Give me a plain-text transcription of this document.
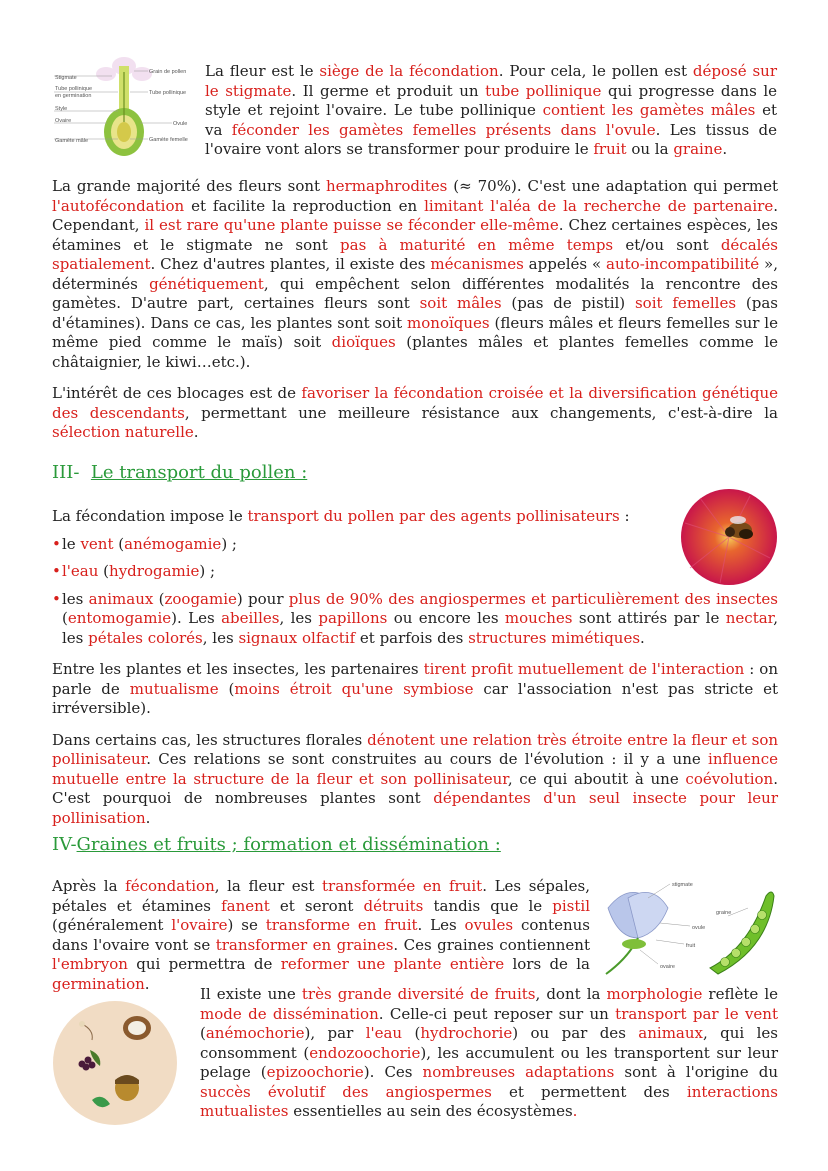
Grain de pollen
Stigmate
Tube pollinique
en germination
Style
Ovaire
Gamète mâle
Tube pollinique
Ovule
Gamète femelle

La fleur est le siège de la fécondation. Pour cela, le pollen est déposé sur le stigmate. Il germe et produit un tube pollinique qui progresse dans le style et rejoint l'ovaire. Le tube pollinique contient les gamètes mâles et va féconder les gamètes femelles présents dans l'ovule. Les tissus de l'ovaire vont alors se transformer pour produire le fruit ou la graine.

La grande majorité des fleurs sont hermaphrodites (≈ 70%). C'est une adaptation qui permet l'autofécondation et facilite la reproduction en limitant l'aléa de la recherche de partenaire. Cependant, il est rare qu'une plante puisse se féconder elle-même. Chez certaines espèces, les étamines et le stigmate ne sont pas à maturité en même temps et/ou sont décalés spatialement. Chez d'autres plantes, il existe des mécanismes appelés « auto-incompatibilité », déterminés génétiquement, qui empêchent selon différentes modalités la rencontre des gamètes. D'autre part, certaines fleurs sont soit mâles (pas de pistil) soit femelles (pas d'étamines). Dans ce cas, les plantes sont soit monoïques (fleurs mâles et fleurs femelles sur le même pied comme le maïs) soit dioïques (plantes mâles et plantes femelles comme le châtaignier, le kiwi…etc.).

L'intérêt de ces blocages est de favoriser la fécondation croisée et la diversification génétique des descendants, permettant une meilleure résistance aux changements, c'est-à-dire la sélection naturelle.

III- Le transport du pollen :

La fécondation impose le transport du pollen par des agents pollinisateurs :

• le vent (anémogamie) ;
• l'eau (hydrogamie) ;
• les animaux (zoogamie) pour plus de 90% des angiospermes et particulièrement des insectes (entomogamie). Les abeilles, les papillons ou encore les mouches sont attirés par le nectar, les pétales colorés, les signaux olfactif et parfois des structures mimétiques.

Entre les plantes et les insectes, les partenaires tirent profit mutuellement de l'interaction : on parle de mutualisme (moins étroit qu'une symbiose car l'association n'est pas stricte et irréversible).

Dans certains cas, les structures florales dénotent une relation très étroite entre la fleur et son pollinisateur. Ces relations se sont construites au cours de l'évolution : il y a une influence mutuelle entre la structure de la fleur et son pollinisateur, ce qui aboutit à une coévolution. C'est pourquoi de nombreuses plantes sont dépendantes d'un seul insecte pour leur pollinisation.

IV-Graines et fruits ; formation et dissémination :

Après la fécondation, la fleur est transformée en fruit. Les sépales, pétales et étamines fanent et seront détruits tandis que le pistil (généralement l'ovaire) se transforme en fruit. Les ovules contenus dans l'ovaire vont se transformer en graines. Ces graines contiennent l'embryon qui permettra de reformer une plante entière lors de la germination.

stigmate
graine
ovule
fruit
ovaire

Il existe une très grande diversité de fruits, dont la morphologie reflète le mode de dissémination. Celle-ci peut reposer sur un transport par le vent (anémochorie), par l'eau (hydrochorie) ou par des animaux, qui les consomment (endozoochorie), les accumulent ou les transportent sur leur pelage (epizoochorie). Ces nombreuses adaptations sont à l'origine du succès évolutif des angiospermes et permettent des interactions mutualistes essentielles au sein des écosystèmes.
